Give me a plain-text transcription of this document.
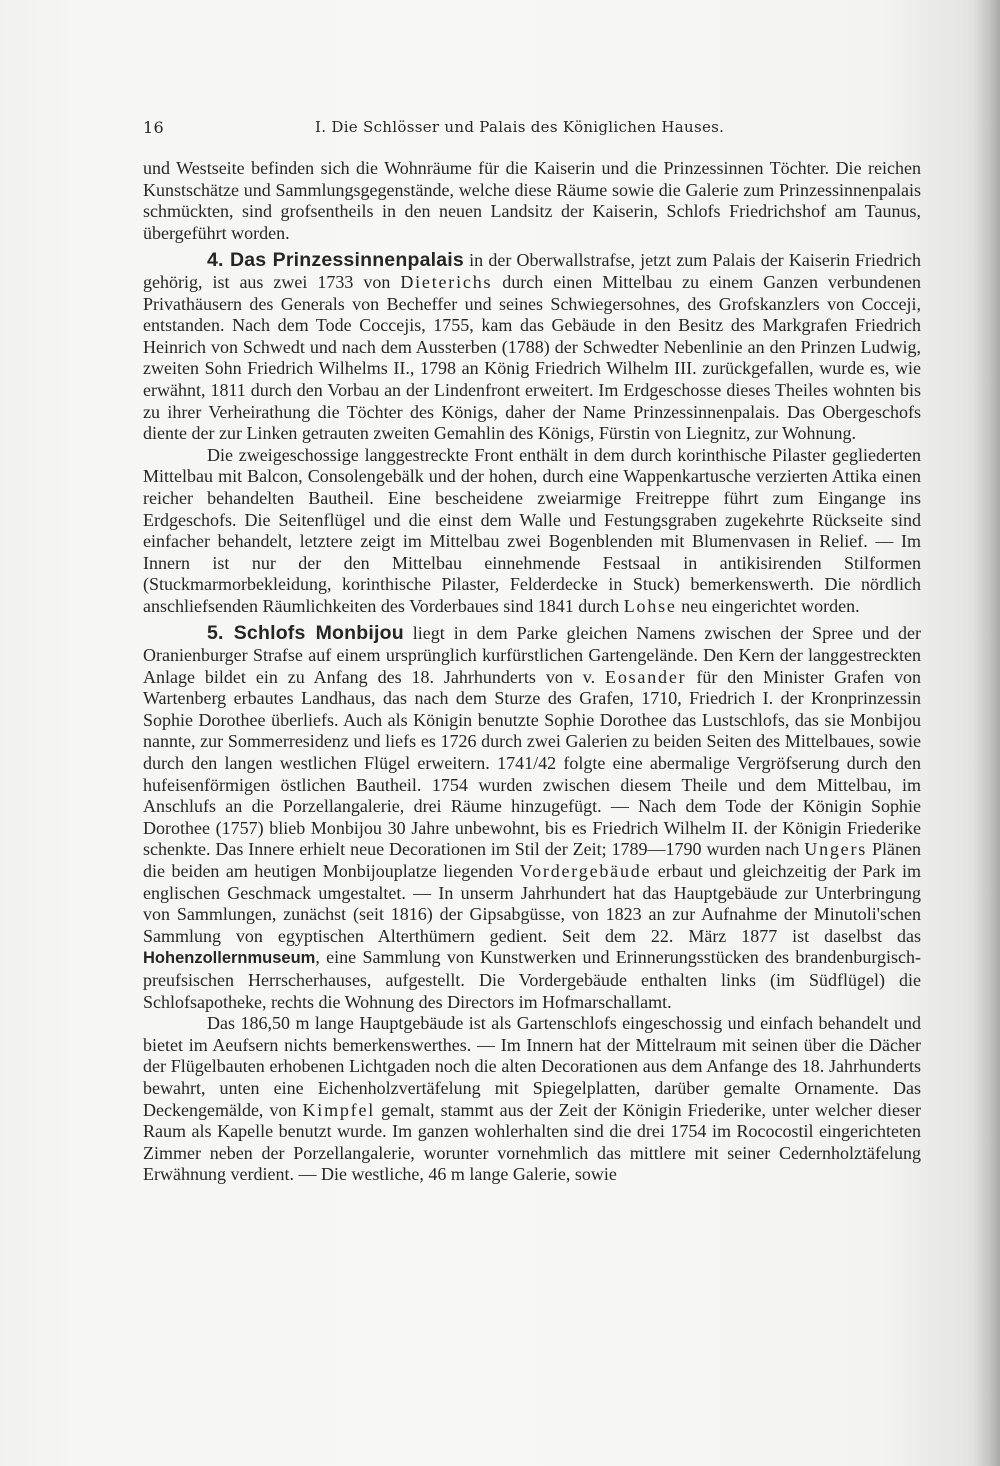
16	I. Die Schlösser und Palais des Königlichen Hauses.

und Westseite befinden sich die Wohnräume für die Kaiserin und die Prinzessinnen Töchter. Die reichen Kunstschätze und Sammlungsgegenstände, welche diese Räume sowie die Galerie zum Prinzessinnenpalais schmückten, sind grofsentheils in den neuen Landsitz der Kaiserin, Schlofs Friedrichshof am Taunus, übergeführt worden.

4. Das Prinzessinnenpalais in der Oberwallstrafse, jetzt zum Palais der Kaiserin Friedrich gehörig, ist aus zwei 1733 von Dieterichs durch einen Mittelbau zu einem Ganzen verbundenen Privathäusern des Generals von Becheffer und seines Schwiegersohnes, des Grofskanzlers von Cocceji, entstanden. Nach dem Tode Coccejis, 1755, kam das Gebäude in den Besitz des Markgrafen Friedrich Heinrich von Schwedt und nach dem Aussterben (1788) der Schwedter Nebenlinie an den Prinzen Ludwig, zweiten Sohn Friedrich Wilhelms II., 1798 an König Friedrich Wilhelm III. zurückgefallen, wurde es, wie erwähnt, 1811 durch den Vorbau an der Lindenfront erweitert. Im Erdgeschosse dieses Theiles wohnten bis zu ihrer Verheirathung die Töchter des Königs, daher der Name Prinzessinnenpalais. Das Obergeschofs diente der zur Linken getrauten zweiten Gemahlin des Königs, Fürstin von Liegnitz, zur Wohnung.

Die zweigeschossige langgestreckte Front enthält in dem durch korinthische Pilaster gegliederten Mittelbau mit Balcon, Consolengebälk und der hohen, durch eine Wappenkartusche verzierten Attika einen reicher behandelten Bautheil. Eine bescheidene zweiarmige Freitreppe führt zum Eingange ins Erdgeschofs. Die Seitenflügel und die einst dem Walle und Festungsgraben zugekehrte Rückseite sind einfacher behandelt, letztere zeigt im Mittelbau zwei Bogenblenden mit Blumenvasen in Relief. — Im Innern ist nur der den Mittelbau einnehmende Festsaal in antikisirenden Stilformen (Stuckmarmorbekleidung, korinthische Pilaster, Felderdecke in Stuck) bemerkenswerth. Die nördlich anschliefsenden Räumlichkeiten des Vorderbaues sind 1841 durch Lohse neu eingerichtet worden.

5. Schlofs Monbijou liegt in dem Parke gleichen Namens zwischen der Spree und der Oranienburger Strafse auf einem ursprünglich kurfürstlichen Gartengelände. Den Kern der langgestreckten Anlage bildet ein zu Anfang des 18. Jahrhunderts von v. Eosander für den Minister Grafen von Wartenberg erbautes Landhaus, das nach dem Sturze des Grafen, 1710, Friedrich I. der Kronprinzessin Sophie Dorothee überliefs. Auch als Königin benutzte Sophie Dorothee das Lustschlofs, das sie Monbijou nannte, zur Sommerresidenz und liefs es 1726 durch zwei Galerien zu beiden Seiten des Mittelbaues, sowie durch den langen westlichen Flügel erweitern. 1741/42 folgte eine abermalige Vergröfserung durch den hufeisenförmigen östlichen Bautheil. 1754 wurden zwischen diesem Theile und dem Mittelbau, im Anschlufs an die Porzellangalerie, drei Räume hinzugefügt. — Nach dem Tode der Königin Sophie Dorothee (1757) blieb Monbijou 30 Jahre unbewohnt, bis es Friedrich Wilhelm II. der Königin Friederike schenkte. Das Innere erhielt neue Decorationen im Stil der Zeit; 1789—1790 wurden nach Ungers Plänen die beiden am heutigen Monbijouplatze liegenden Vordergebäude erbaut und gleichzeitig der Park im englischen Geschmack umgestaltet. — In unserm Jahrhundert hat das Hauptgebäude zur Unterbringung von Sammlungen, zunächst (seit 1816) der Gipsabgüsse, von 1823 an zur Aufnahme der Minutoli'schen Sammlung von egyptischen Alterthümern gedient. Seit dem 22. März 1877 ist daselbst das Hohenzollernmuseum, eine Sammlung von Kunstwerken und Erinnerungsstücken des brandenburgisch-preufsischen Herrscherhauses, aufgestellt. Die Vordergebäude enthalten links (im Südflügel) die Schlofsapotheke, rechts die Wohnung des Directors im Hofmarschallamt.

Das 186,50 m lange Hauptgebäude ist als Gartenschlofs eingeschossig und einfach behandelt und bietet im Aeufsern nichts bemerkenswerthes. — Im Innern hat der Mittelraum mit seinen über die Dächer der Flügelbauten erhobenen Lichtgaden noch die alten Decorationen aus dem Anfange des 18. Jahrhunderts bewahrt, unten eine Eichenholzvertäfelung mit Spiegelplatten, darüber gemalte Ornamente. Das Deckengemälde, von Kimpfel gemalt, stammt aus der Zeit der Königin Friederike, unter welcher dieser Raum als Kapelle benutzt wurde. Im ganzen wohlerhalten sind die drei 1754 im Rococostil eingerichteten Zimmer neben der Porzellangalerie, worunter vornehmlich das mittlere mit seiner Cedernholztäfelung Erwähnung verdient. — Die westliche, 46 m lange Galerie, sowie
